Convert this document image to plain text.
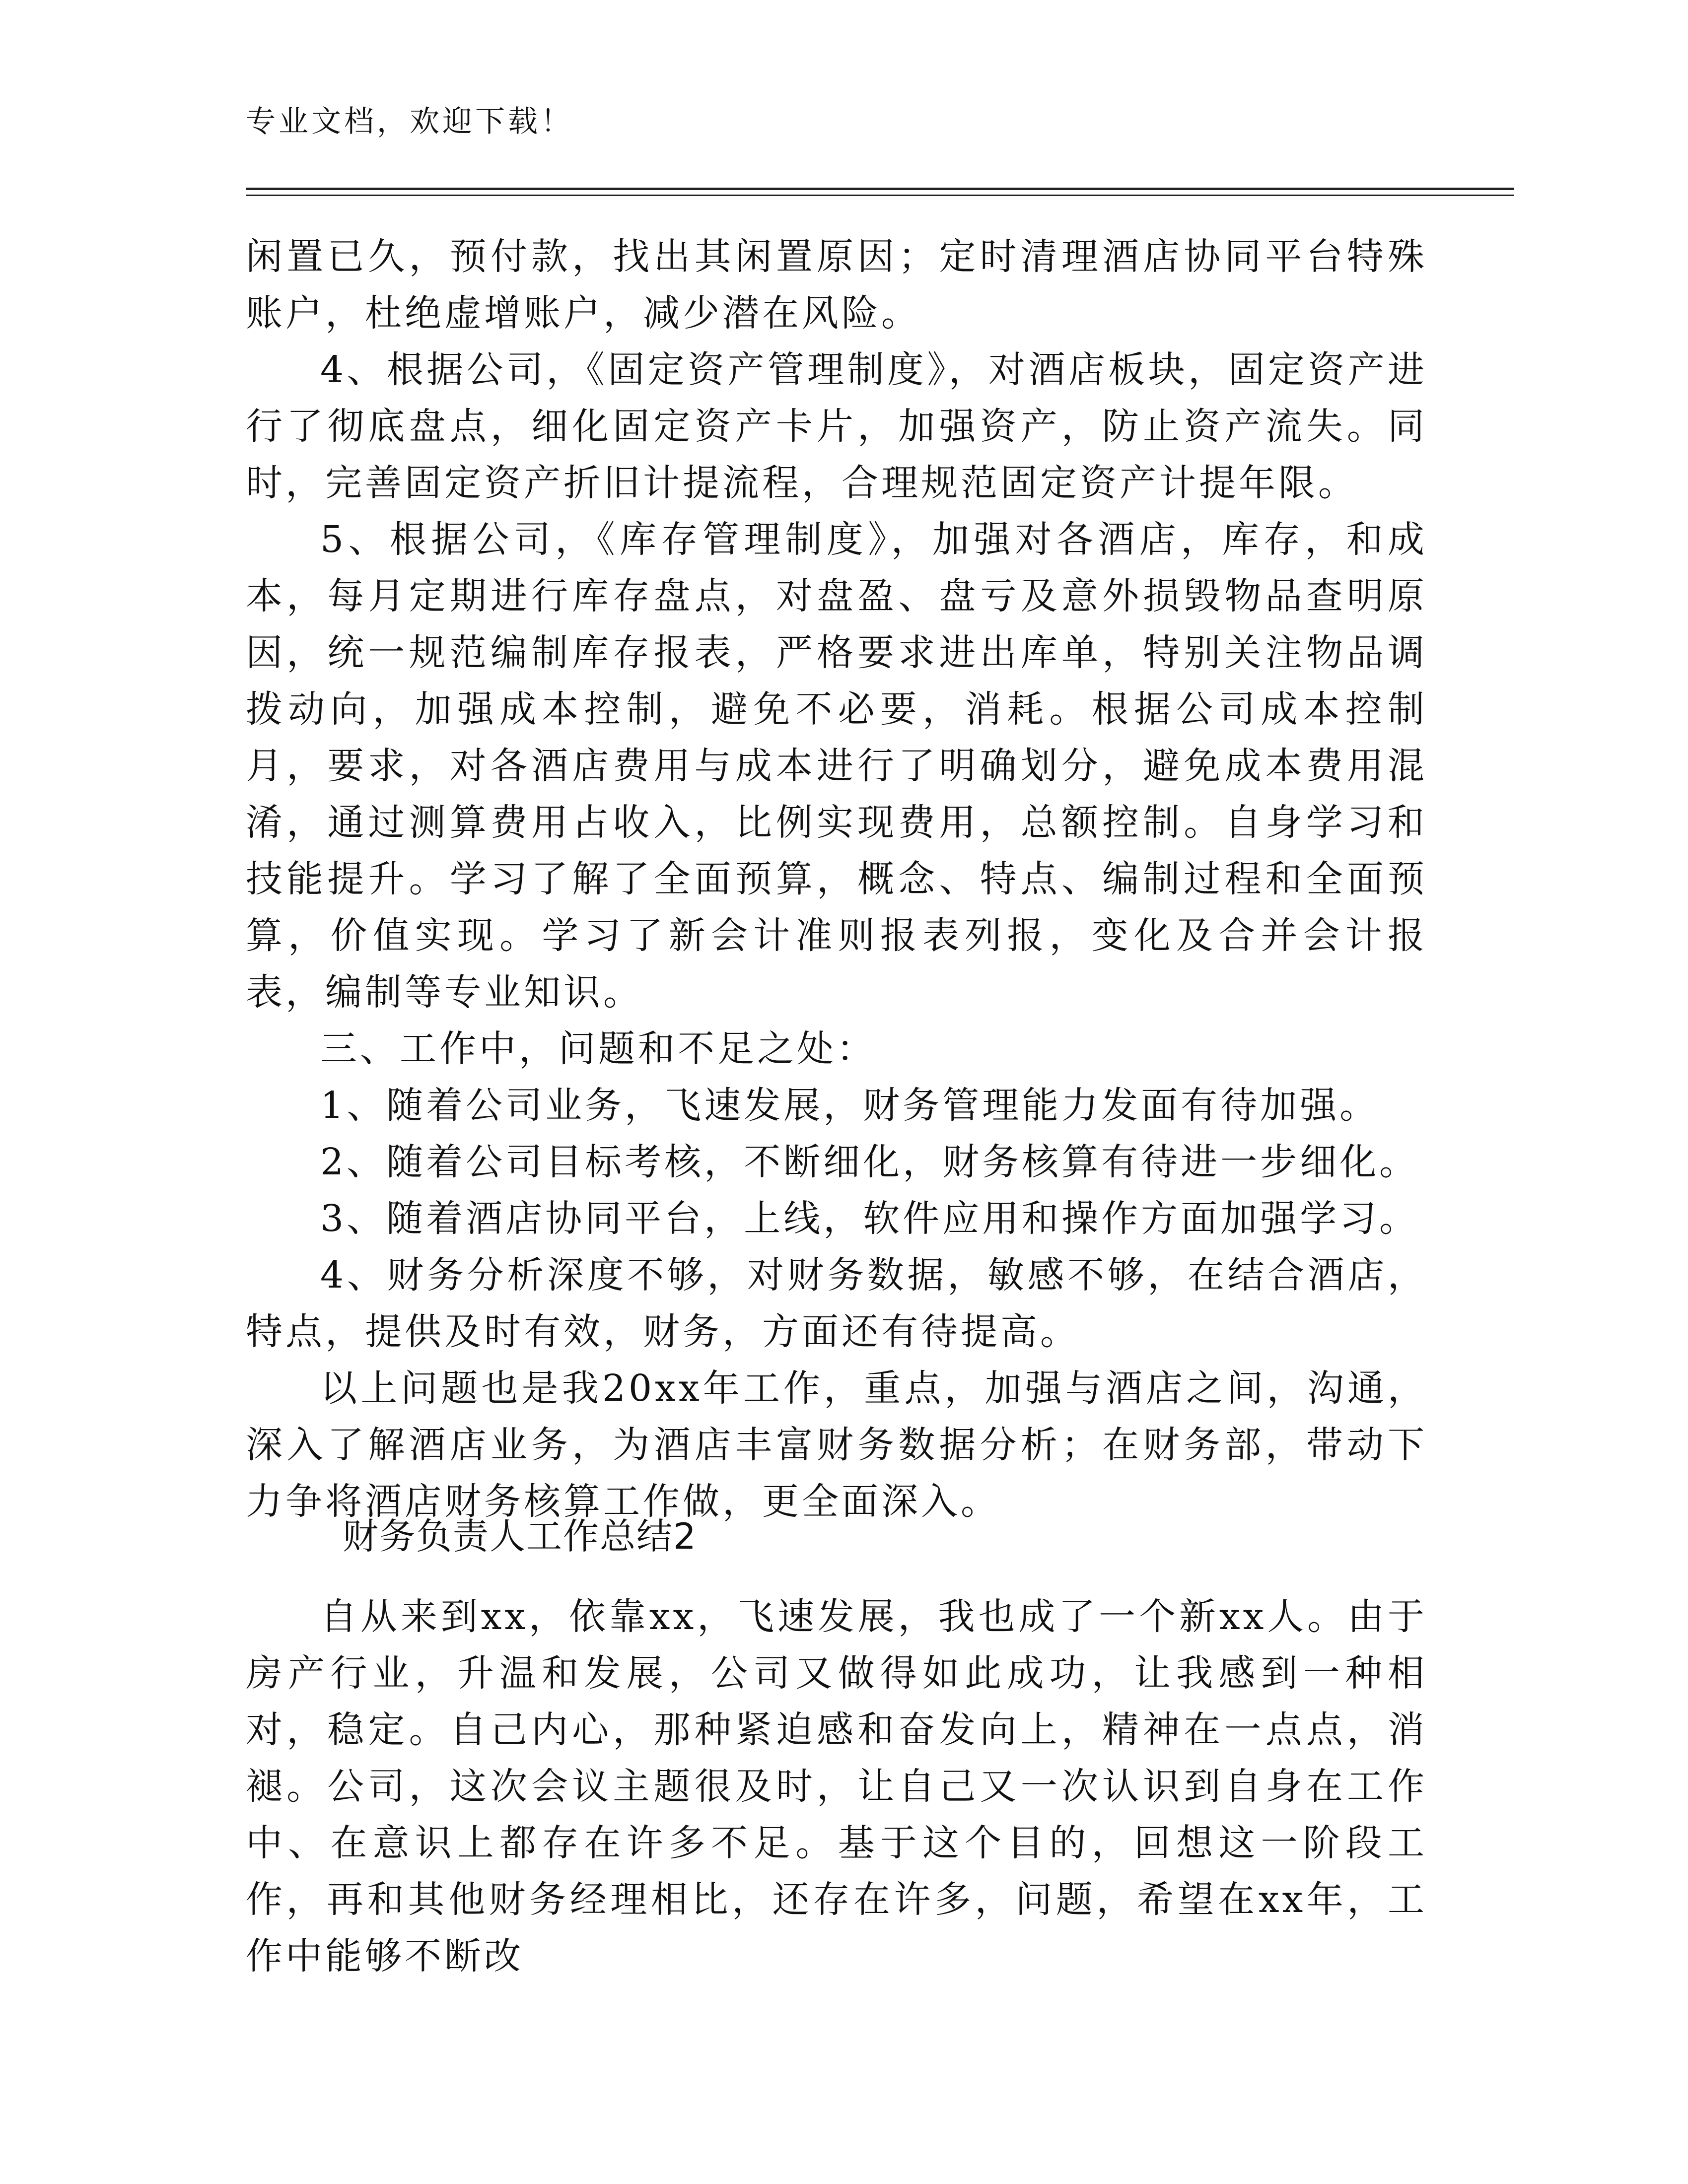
专业文档，欢迎下载！

闲置已久，预付款，找出其闲置原因；定时清理酒店协同平台特殊账户，杜绝虚增账户，减少潜在风险。

4、根据公司，《固定资产管理制度》，对酒店板块，固定资产进行了彻底盘点，细化固定资产卡片，加强资产，防止资产流失。同时，完善固定资产折旧计提流程，合理规范固定资产计提年限。

5、根据公司，《库存管理制度》，加强对各酒店，库存，和成本，每月定期进行库存盘点，对盘盈、盘亏及意外损毁物品查明原因，统一规范编制库存报表，严格要求进出库单，特别关注物品调拨动向，加强成本控制，避免不必要，消耗。根据公司成本控制月，要求，对各酒店费用与成本进行了明确划分，避免成本费用混淆，通过测算费用占收入，比例实现费用，总额控制。自身学习和技能提升。学习了解了全面预算，概念、特点、编制过程和全面预算，价值实现。学习了新会计准则报表列报，变化及合并会计报表，编制等专业知识。

三、工作中，问题和不足之处：

1、随着公司业务，飞速发展，财务管理能力发面有待加强。

2、随着公司目标考核，不断细化，财务核算有待进一步细化。

3、随着酒店协同平台，上线，软件应用和操作方面加强学习。

4、财务分析深度不够，对财务数据，敏感不够，在结合酒店，特点，提供及时有效，财务，方面还有待提高。

以上问题也是我20xx年工作，重点，加强与酒店之间，沟通，深入了解酒店业务，为酒店丰富财务数据分析；在财务部，带动下力争将酒店财务核算工作做，更全面深入。

财务负责人工作总结2

自从来到xx，依靠xx，飞速发展，我也成了一个新xx人。由于房产行业，升温和发展，公司又做得如此成功，让我感到一种相对，稳定。自己内心，那种紧迫感和奋发向上，精神在一点点，消褪。公司，这次会议主题很及时，让自己又一次认识到自身在工作中、在意识上都存在许多不足。基于这个目的，回想这一阶段工作，再和其他财务经理相比，还存在许多，问题，希望在xx年，工作中能够不断改
